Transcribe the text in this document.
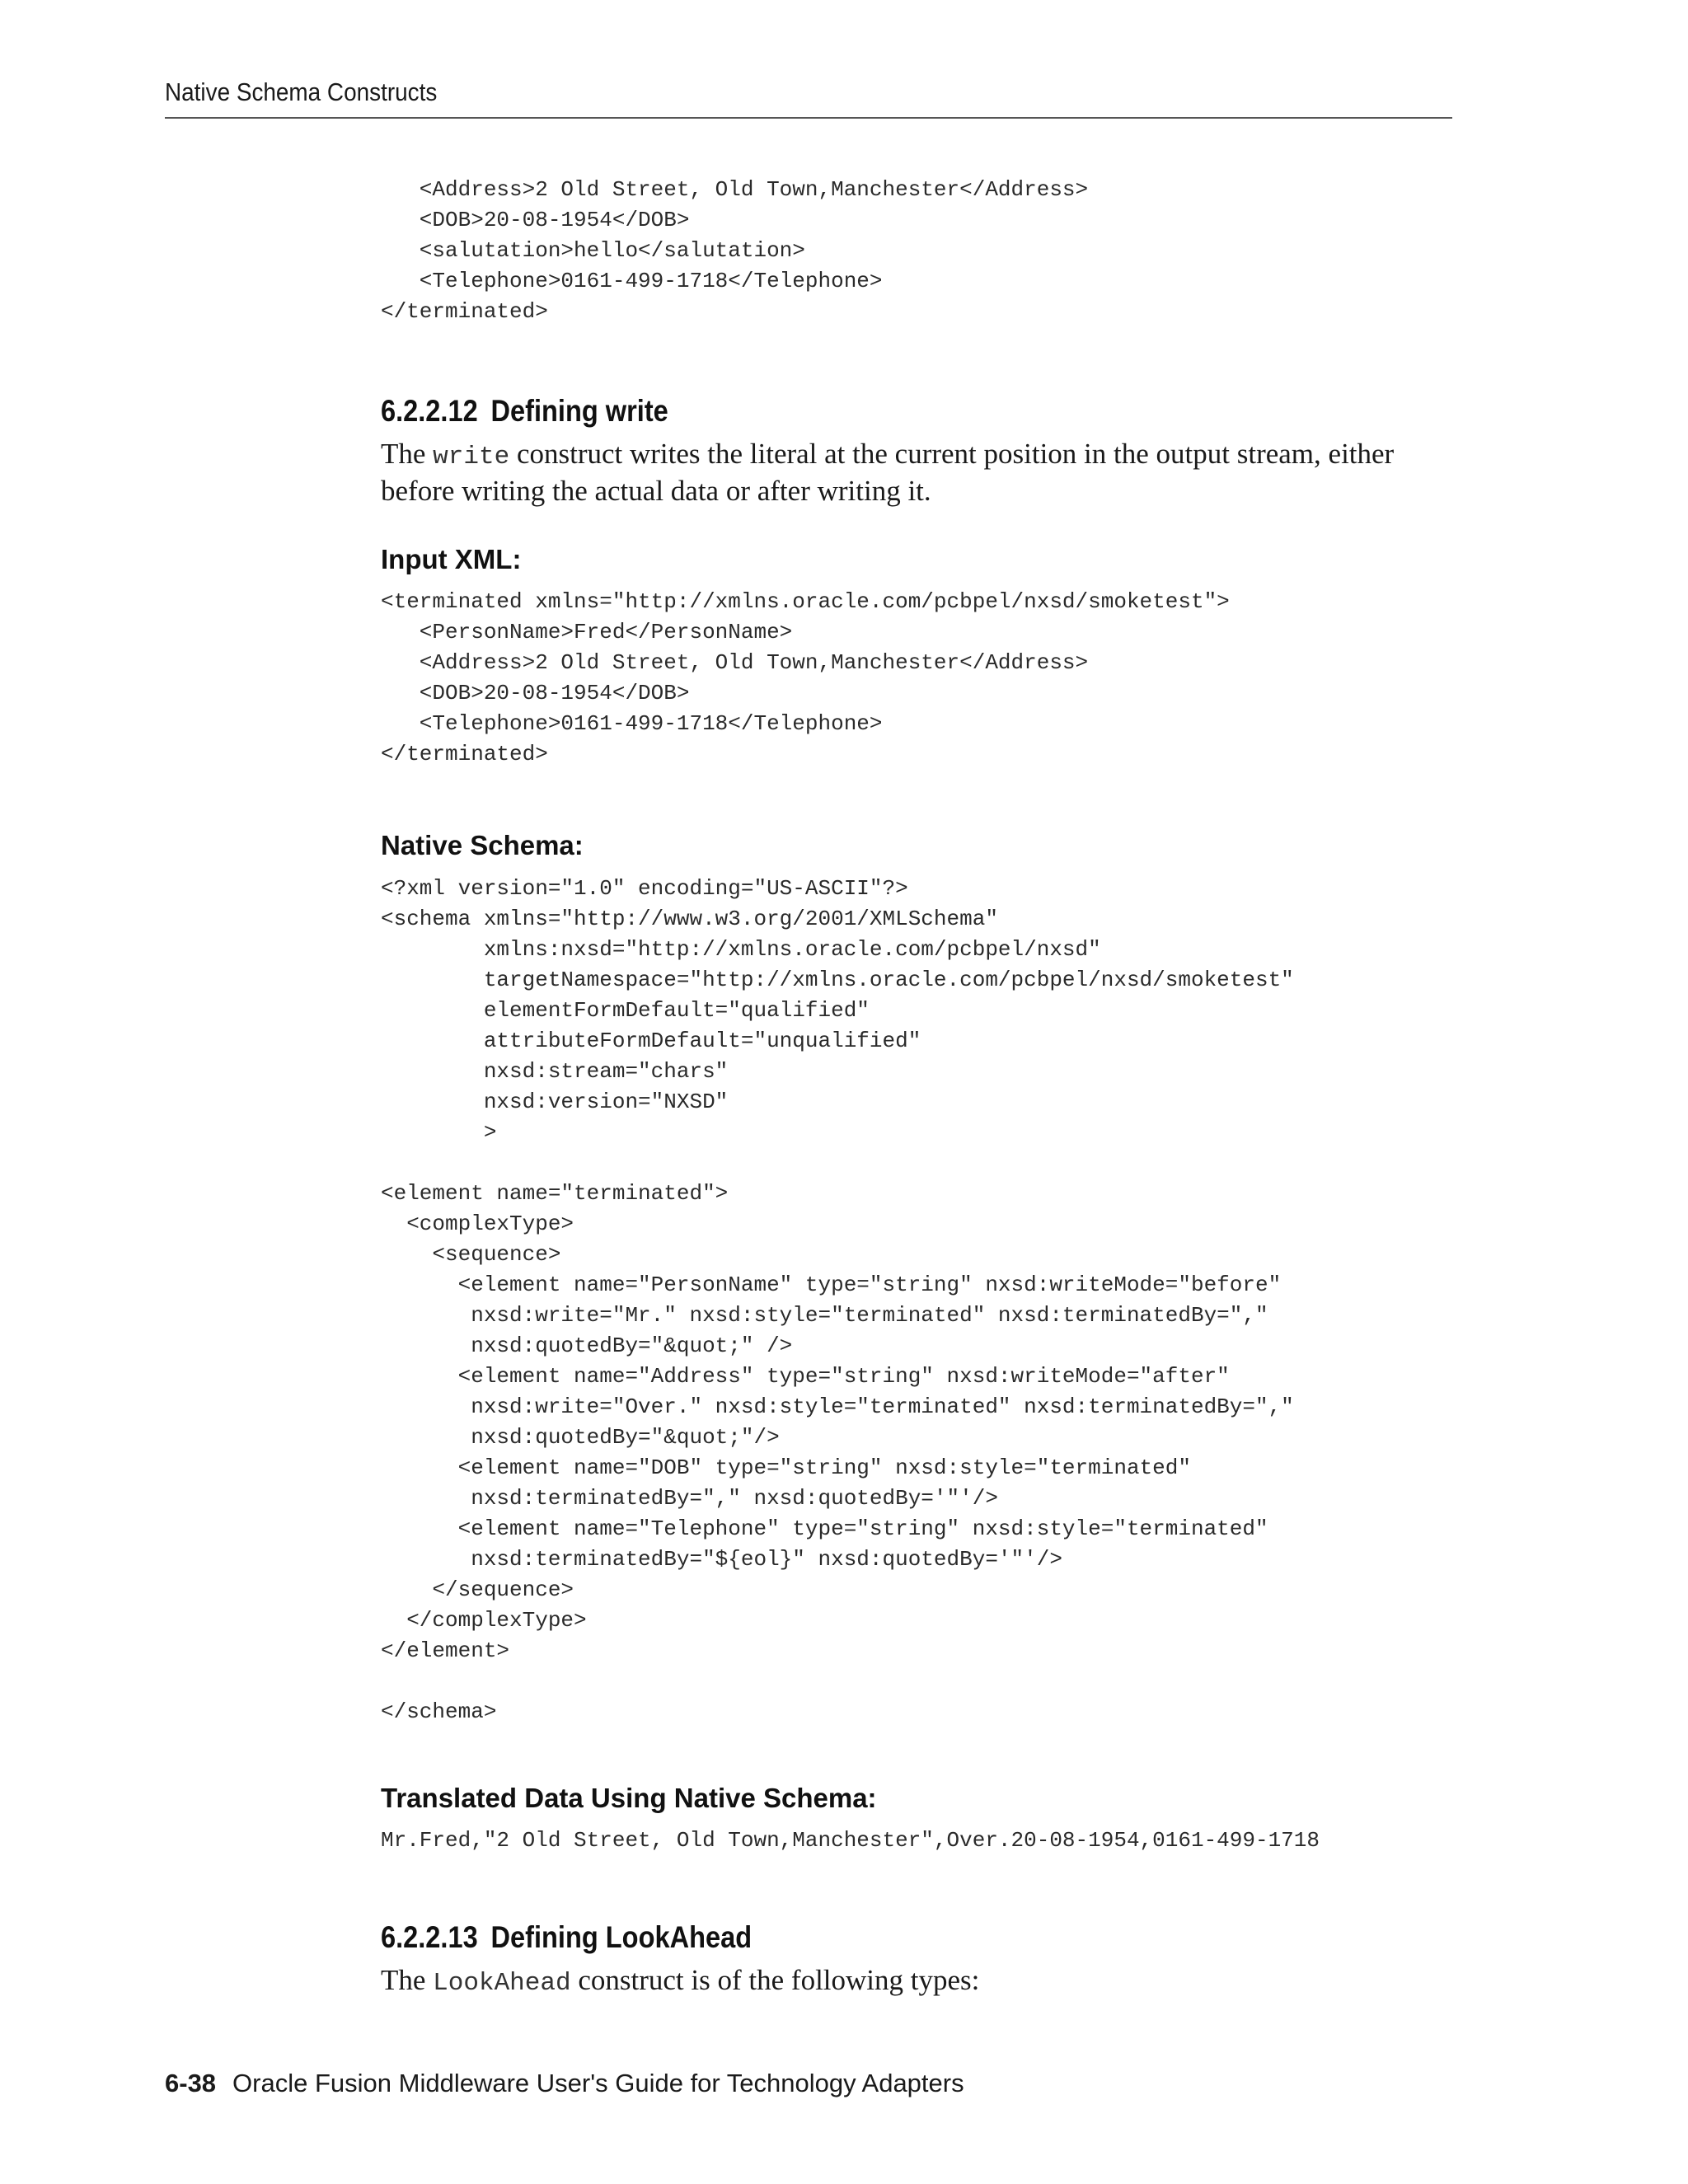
Native Schema Constructs
<Address>2 Old Street, Old Town,Manchester</Address>
<DOB>20-08-1954</DOB>
<salutation>hello</salutation>
<Telephone>0161-499-1718</Telephone>
</terminated>
6.2.2.12 Defining write
The write construct writes the literal at the current position in the output stream, either before writing the actual data or after writing it.
Input XML:
<terminated xmlns="http://xmlns.oracle.com/pcbpel/nxsd/smoketest">
<PersonName>Fred</PersonName>
<Address>2 Old Street, Old Town,Manchester</Address>
<DOB>20-08-1954</DOB>
<Telephone>0161-499-1718</Telephone>
</terminated>
Native Schema:
<?xml version="1.0" encoding="US-ASCII"?>
<schema xmlns="http://www.w3.org/2001/XMLSchema"
xmlns:nxsd="http://xmlns.oracle.com/pcbpel/nxsd"
targetNamespace="http://xmlns.oracle.com/pcbpel/nxsd/smoketest"
elementFormDefault="qualified"
attributeFormDefault="unqualified"
nxsd:stream="chars"
nxsd:version="NXSD"
>

<element name="terminated">
<complexType>
<sequence>
<element name="PersonName" type="string" nxsd:writeMode="before"
nxsd:write="Mr." nxsd:style="terminated" nxsd:terminatedBy=","
nxsd:quotedBy="&quot;" />
<element name="Address" type="string" nxsd:writeMode="after"
nxsd:write="Over." nxsd:style="terminated" nxsd:terminatedBy=","
nxsd:quotedBy="&quot;"/>
<element name="DOB" type="string" nxsd:style="terminated"
nxsd:terminatedBy="," nxsd:quotedBy='"'/>
<element name="Telephone" type="string" nxsd:style="terminated"
nxsd:terminatedBy="${eol}" nxsd:quotedBy='"'/>
</sequence>
</complexType>
</element>

</schema>
Translated Data Using Native Schema:
Mr.Fred,"2 Old Street, Old Town,Manchester",Over.20-08-1954,0161-499-1718
6.2.2.13 Defining LookAhead
The LookAhead construct is of the following types:
6-38 Oracle Fusion Middleware User's Guide for Technology Adapters
